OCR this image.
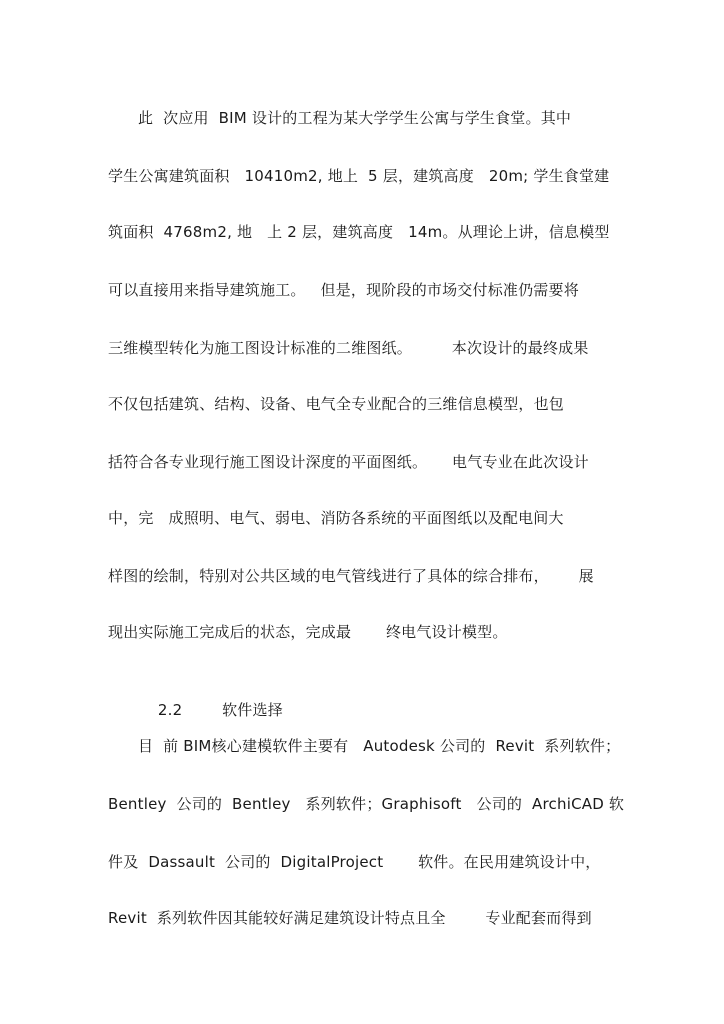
此  次应用  BIM 设计的工程为某大学学生公寓与学生食堂。其中
学生公寓建筑面积   10410m2, 地上  5 层，建筑高度   20m; 学生食堂建
筑面积  4768m2, 地   上 2 层，建筑高度   14m。从理论上讲，信息模型
可以直接用来指导建筑施工。   但是，现阶段的市场交付标准仍需要将
三维模型转化为施工图设计标准的二维图纸。        本次设计的最终成果
不仅包括建筑、结构、设备、电气全专业配合的三维信息模型，也包
括符合各专业现行施工图设计深度的平面图纸。     电气专业在此次设计
中，完   成照明、电气、弱电、消防各系统的平面图纸以及配电间大
样图的绘制，特别对公共区域的电气管线进行了具体的综合排布，      展
现出实际施工完成后的状态，完成最       终电气设计模型。

2.2	软件选择

目  前 BIM核心建模软件主要有   Autodesk 公司的  Revit  系列软件；
Bentley  公司的  Bentley   系列软件；Graphisoft   公司的  ArchiCAD 软
件及  Dassault  公司的  DigitalProject       软件。在民用建筑设计中，
Revit  系列软件因其能较好满足建筑设计特点且全        专业配套而得到
